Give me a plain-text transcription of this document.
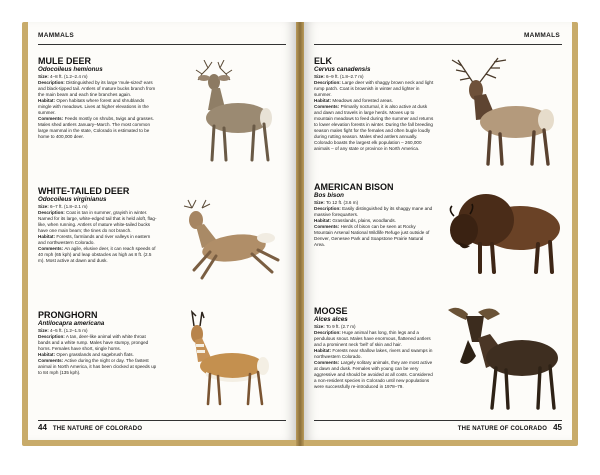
MAMMALS

MULE DEER

Odocoileus hemionus

Size: 4–8 ft. (1.2–2.4 m)

Description: Distinguished by its large 'mule-sized' ears and black-tipped tail. Antlers of mature bucks branch from the main beam and each tine branches again.

Habitat: Open habitats where forest and shrublands mingle with meadows. Lives at higher elevations in the summer.

Comments: Feeds mostly on shrubs, twigs and grasses. Males shed antlers January–March. The most common large mammal in the state, Colorado is estimated to be home to 400,000 deer.

WHITE-TAILED DEER

Odocoileus virginianus

Size: 6–7 ft. (1.8–2.1 m)

Description: Coat is tan in summer, grayish in winter. Named for its large, white-edged tail that is held aloft, flag-like, when running. Antlers of mature white-tailed bucks have one main beam; the tines do not branch.

Habitat: Forests, farmlands and river valleys in eastern and northwestern Colorado.

Comments: An agile, elusive deer, it can reach speeds of 40 mph (65 kph) and leap obstacles as high as 8 ft. (2.5 m). Most active at dawn and dusk.

PRONGHORN

Antilocapra americana

Size: 4–5 ft. (1.2–1.5 m)

Description: A tan, deer-like animal with white throat bands and a white rump. Males have stumpy, pronged horns. Females have short, single horns.

Habitat: Open grasslands and sagebrush flats.

Comments: Active during the night or day. The fastest animal in North America, it has been clocked at speeds up to 84 mph (135 kph).

44 THE NATURE OF COLORADO
MAMMALS

ELK

Cervus canadensis

Size: 6–9 ft. (1.8–2.7 m)

Description: Large deer with shaggy brown neck and light rump patch. Coat is brownish in winter and lighter in summer.

Habitat: Meadows and forested areas.

Comments: Primarily nocturnal, it is also active at dusk and dawn and travels in large herds. Moves up to mountain meadows to feed during the summer and returns to lower elevation forests in winter. During the fall breeding season males fight for the females and often bugle loudly during rutting season. Males shed antlers annually. Colorado boasts the largest elk population – 260,000 animals – of any state or province in North America.

AMERICAN BISON

Bos bison

Size: To 12 ft. (3.6 m)

Description: Easily distinguished by its shaggy mane and massive forequarters.

Habitat: Grasslands, plains, woodlands.

Comments: Herds of bison can be seen at Rocky Mountain Arsenal National Wildlife Refuge just outside of Denver, Genesee Park and Soapstone Prairie Natural Area.

MOOSE

Alces alces

Size: To 9 ft. (2.7 m)

Description: Huge animal has long, thin legs and a pendulous snout. Males have enormous, flattened antlers and a prominent neck 'bell' of skin and hair.

Habitat: Forests near shallow lakes, rivers and swamps in northwestern Colorado.

Comments: Largely solitary animals, they are most active at dawn and dusk. Females with young can be very aggressive and should be avoided at all costs. Considered a non-resident species in Colorado until new populations were successfully re-introduced in 1978–79.

THE NATURE OF COLORADO 45
